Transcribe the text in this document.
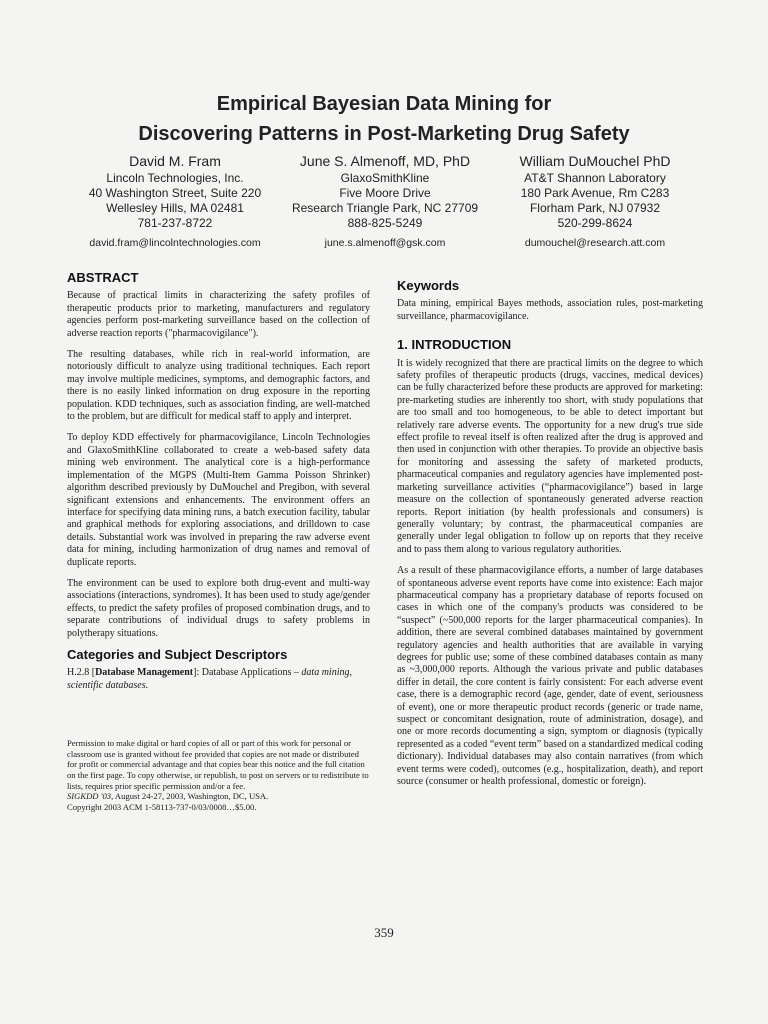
Empirical Bayesian Data Mining for
Discovering Patterns in Post-Marketing Drug Safety
David M. Fram
Lincoln Technologies, Inc.
40 Washington Street, Suite 220
Wellesley Hills, MA 02481
781-237-8722
david.fram@lincolntechnologies.com
June S. Almenoff, MD, PhD
GlaxoSmithKline
Five Moore Drive
Research Triangle Park, NC 27709
888-825-5249
june.s.almenoff@gsk.com
William DuMouchel PhD
AT&T Shannon Laboratory
180 Park Avenue, Rm C283
Florham Park, NJ 07932
520-299-8624
dumouchel@research.att.com
ABSTRACT

Because of practical limits in characterizing the safety profiles of therapeutic products prior to marketing, manufacturers and regulatory agencies perform post-marketing surveillance based on the collection of adverse reaction reports ("pharmacovigilance").

The resulting databases, while rich in real-world information, are notoriously difficult to analyze using traditional techniques. Each report may involve multiple medicines, symptoms, and demographic factors, and there is no easily linked information on drug exposure in the reporting population. KDD techniques, such as association finding, are well-matched to the problem, but are difficult for medical staff to apply and interpret.

To deploy KDD effectively for pharmacovigilance, Lincoln Technologies and GlaxoSmithKline collaborated to create a web-based safety data mining web environment. The analytical core is a high-performance implementation of the MGPS (Multi-Item Gamma Poisson Shrinker) algorithm described previously by DuMouchel and Pregibon, with several significant extensions and enhancements. The environment offers an interface for specifying data mining runs, a batch execution facility, tabular and graphical methods for exploring associations, and drilldown to case details. Substantial work was involved in preparing the raw adverse event data for mining, including harmonization of drug names and removal of duplicate reports.

The environment can be used to explore both drug-event and multi-way associations (interactions, syndromes). It has been used to study age/gender effects, to predict the safety profiles of proposed combination drugs, and to separate contributions of individual drugs to safety problems in polytherapy situations.

Categories and Subject Descriptors

H.2.8 [Database Management]: Database Applications – data mining, scientific databases.

Permission to make digital or hard copies of all or part of this work for personal or classroom use is granted without fee provided that copies are not made or distributed for profit or commercial advantage and that copies bear this notice and the full citation on the first page. To copy otherwise, or republish, to post on servers or to redistribute to lists, requires prior specific permission and/or a fee.

SIGKDD '03, August 24-27, 2003, Washington, DC, USA.

Copyright 2003 ACM 1-58113-737-0/03/0008…$5.00.

Keywords

Data mining, empirical Bayes methods, association rules, post-marketing surveillance, pharmacovigilance.

1. INTRODUCTION

It is widely recognized that there are practical limits on the degree to which safety profiles of therapeutic products (drugs, vaccines, medical devices) can be fully characterized before these products are approved for marketing: pre-marketing studies are inherently too short, with study populations that are too small and too homogeneous, to be able to detect important but relatively rare adverse events. The opportunity for a new drug's true side effect profile to reveal itself is often realized after the drug is approved and then used in conjunction with other therapies. To provide an objective basis for monitoring and assessing the safety of marketed products, pharmaceutical companies and regulatory agencies have implemented post-marketing surveillance activities (“pharmacovigilance”) based in large measure on the collection of spontaneously generated adverse reaction reports. Report initiation (by health professionals and consumers) is generally voluntary; by contrast, the pharmaceutical companies are generally under legal obligation to follow up on reports that they receive and to pass them along to various regulatory authorities.

As a result of these pharmacovigilance efforts, a number of large databases of spontaneous adverse event reports have come into existence: Each major pharmaceutical company has a proprietary database of reports focused on cases in which one of the company's products was considered to be “suspect” (~500,000 reports for the larger pharmaceutical companies). In addition, there are several combined databases maintained by government regulatory agencies and health authorities that are available in varying degrees for public use; some of these combined databases contain as many as ~3,000,000 reports. Although the various private and public databases differ in detail, the core content is fairly consistent: For each adverse event case, there is a demographic record (age, gender, date of event, seriousness of event), one or more therapeutic product records (generic or trade name, suspect or concomitant designation, route of administration, dosage), and one or more records documenting a sign, symptom or diagnosis (typically represented as a coded “event term” based on a standardized medical coding dictionary). Individual databases may also contain narratives (from which event terms were coded), outcomes (e.g., hospitalization, death), and report source (consumer or health professional, domestic or foreign).

359
